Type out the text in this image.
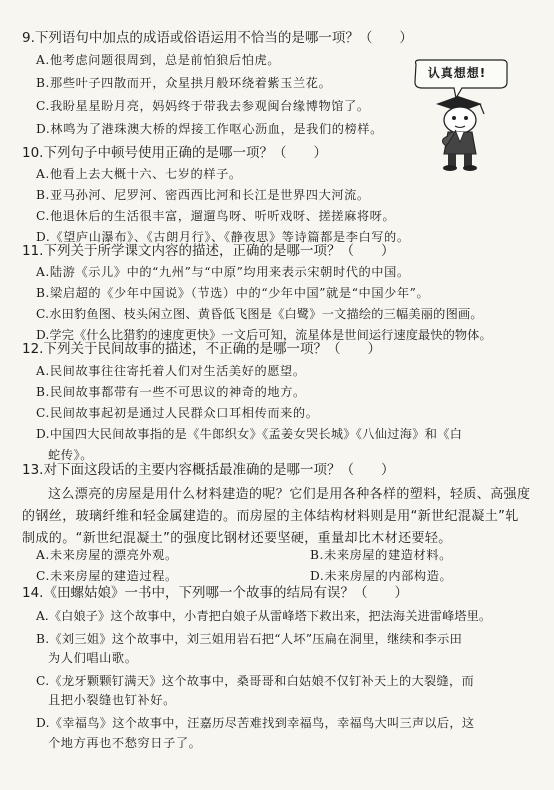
9.下列语句中加点的成语或俗语运用不恰当的是哪一项？（　　）
A.他考虑问题很周到，总是前怕狼后怕虎。
B.那些叶子四散而开，众星拱月般环绕着紫玉兰花。
C.我盼星星盼月亮，妈妈终于带我去参观闽台缘博物馆了。
D.林鸣为了港珠澳大桥的焊接工作呕心沥血，是我们的榜样。
认真想想!
10.下列句子中顿号使用正确的是哪一项？（　　）
A.他看上去大概十六、七岁的样子。
B.亚马孙河、尼罗河、密西西比河和长江是世界四大河流。
C.他退休后的生活很丰富，遛遛鸟呀、听听戏呀、搓搓麻将呀。
D.《望庐山瀑布》、《古朗月行》、《静夜思》等诗篇都是李白写的。
11.下列关于所学课文内容的描述，正确的是哪一项？（　　）
A.陆游《示儿》中的“九州”与“中原”均用来表示宋朝时代的中国。
B.梁启超的《少年中国说》（节选）中的“少年中国”就是“中国少年”。
C.水田豹鱼图、枝头闲立图、黄昏低飞图是《白鹭》一文描绘的三幅美丽的图画。
D.学完《什么比猎豹的速度更快》一文后可知，流星体是世间运行速度最快的物体。
12.下列关于民间故事的描述，不正确的是哪一项？（　　）
A.民间故事往往寄托着人们对生活美好的愿望。
B.民间故事都带有一些不可思议的神奇的地方。
C.民间故事起初是通过人民群众口耳相传而来的。
D.中国四大民间故事指的是《牛郎织女》《孟姜女哭长城》《八仙过海》和《白
蛇传》。
13.对下面这段话的主要内容概括最准确的是哪一项？（　　）
这么漂亮的房屋是用什么材料建造的呢？它们是用各种各样的塑料，轻质、高强度的钢丝，玻璃纤维和轻金属建造的。而房屋的主体结构材料则是用“新世纪混凝土”轧制成的。“新世纪混凝土”的强度比钢材还要坚硬，重量却比木材还要轻。
A.未来房屋的漂亮外观。	B.未来房屋的建造材料。
C.未来房屋的建造过程。	D.未来房屋的内部构造。
14.《田螺姑娘》一书中，下列哪一个故事的结局有误？（　　）
A.《白娘子》这个故事中，小青把白娘子从雷峰塔下救出来，把法海关进雷峰塔里。
B.《刘三姐》这个故事中，刘三姐用岩石把“人坏”压扁在洞里，继续和李示田
为人们唱山歌。
C.《龙牙颗颗钉满天》这个故事中，桑哥哥和白姑娘不仅钉补天上的大裂缝，而
且把小裂缝也钉补好。
D.《幸福鸟》这个故事中，汪嘉历尽苦难找到幸福鸟，幸福鸟大叫三声以后，这
个地方再也不愁穷日子了。
